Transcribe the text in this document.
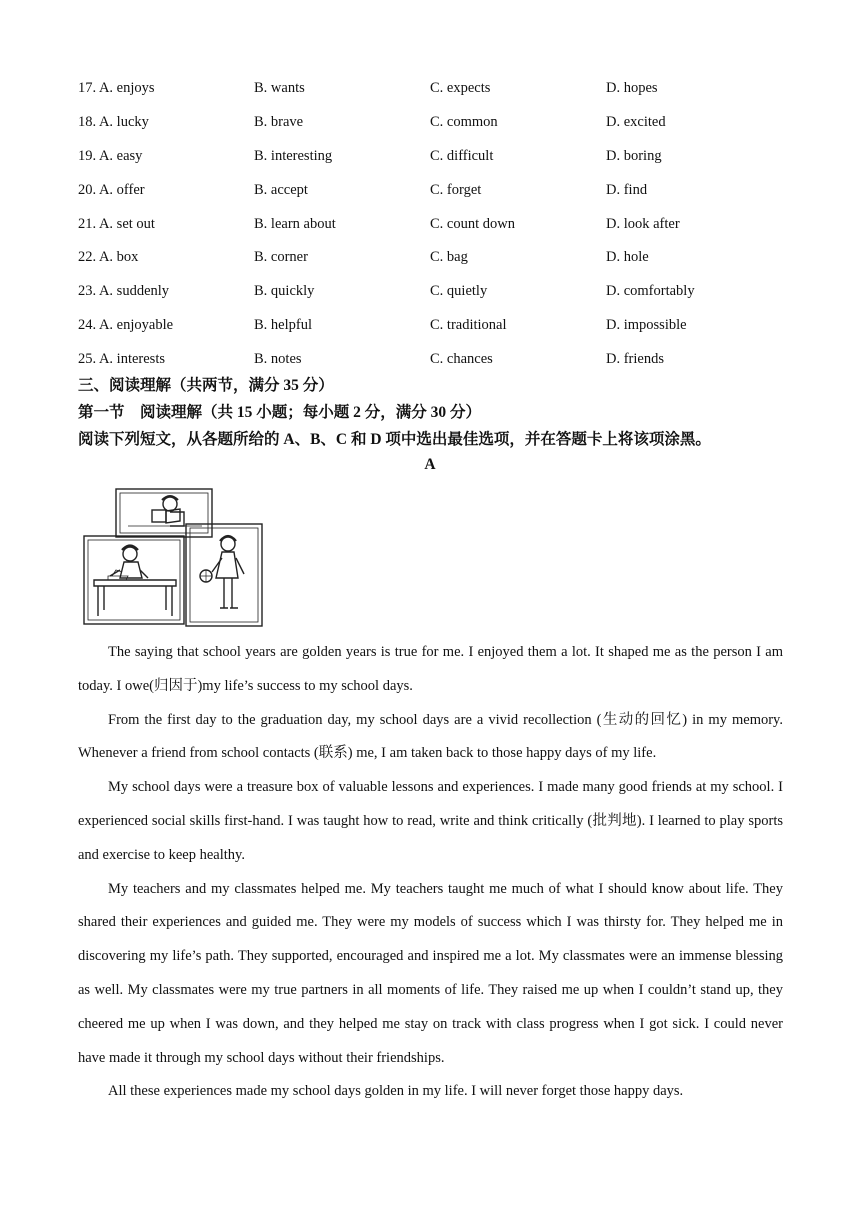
17. A. enjoys	B. wants	C. expects	D. hopes
18. A. lucky	B. brave	C. common	D. excited
19. A. easy	B. interesting	C. difficult	D. boring
20. A. offer	B. accept	C. forget	D. find
21. A. set out	B. learn about	C. count down	D. look after
22. A. box	B. corner	C. bag	D. hole
23. A. suddenly	B. quickly	C. quietly	D. comfortably
24. A. enjoyable	B. helpful	C. traditional	D. impossible
25. A. interests	B. notes	C. chances	D. friends
三、阅读理解（共两节，满分 35 分）
第一节　阅读理解（共 15 小题；每小题 2 分，满分 30 分）
阅读下列短文，从各题所给的 A、B、C 和 D 项中选出最佳选项，并在答题卡上将该项涂黑。
A

The saying that school years are golden years is true for me. I enjoyed them a lot. It shaped me as the person I am today. I owe(归因于)my life’s success to my school days.

From the first day to the graduation day, my school days are a vivid recollection (生动的回忆) in my memory. Whenever a friend from school contacts (联系) me, I am taken back to those happy days of my life.

My school days were a treasure box of valuable lessons and experiences. I made many good friends at my school. I experienced social skills first-hand. I was taught how to read, write and think critically (批判地). I learned to play sports and exercise to keep healthy.

My teachers and my classmates helped me. My teachers taught me much of what I should know about life. They shared their experiences and guided me. They were my models of success which I was thirsty for. They helped me in discovering my life’s path. They supported, encouraged and inspired me a lot. My classmates were an immense blessing as well. My classmates were my true partners in all moments of life. They raised me up when I couldn’t stand up, they cheered me up when I was down, and they helped me stay on track with class progress when I got sick. I could never have made it through my school days without their friendships.

All these experiences made my school days golden in my life. I will never forget those happy days.
